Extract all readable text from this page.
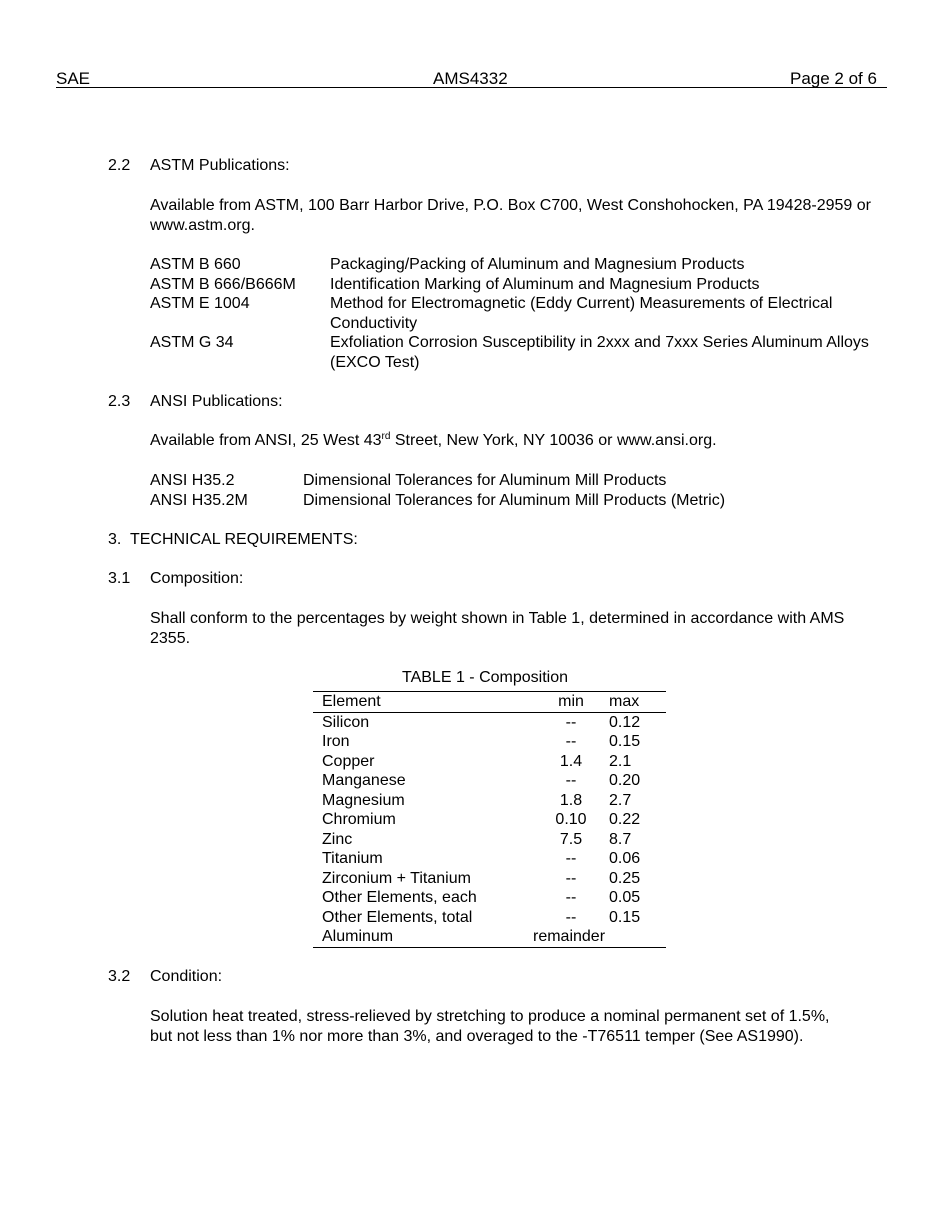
SAE	AMS4332	Page 2 of 6
2.2 ASTM Publications:
Available from ASTM, 100 Barr Harbor Drive, P.O. Box C700, West Conshohocken, PA 19428-2959 or www.astm.org.
ASTM B 660	Packaging/Packing of Aluminum and Magnesium Products
ASTM B 666/B666M	Identification Marking of Aluminum and Magnesium Products
ASTM E 1004	Method for Electromagnetic (Eddy Current) Measurements of Electrical Conductivity
ASTM G 34	Exfoliation Corrosion Susceptibility in 2xxx and 7xxx Series Aluminum Alloys (EXCO Test)
2.3 ANSI Publications:
Available from ANSI, 25 West 43rd Street, New York, NY 10036 or www.ansi.org.
ANSI H35.2	Dimensional Tolerances for Aluminum Mill Products
ANSI H35.2M	Dimensional Tolerances for Aluminum Mill Products (Metric)
3.  TECHNICAL REQUIREMENTS:
3.1 Composition:
Shall conform to the percentages by weight shown in Table 1, determined in accordance with AMS 2355.
TABLE 1 - Composition
Element	min	max
Silicon	--	0.12
Iron	--	0.15
Copper	1.4	2.1
Manganese	--	0.20
Magnesium	1.8	2.7
Chromium	0.10	0.22
Zinc	7.5	8.7
Titanium	--	0.06
Zirconium + Titanium	--	0.25
Other Elements, each	--	0.05
Other Elements, total	--	0.15
Aluminum	remainder	
3.2 Condition:
Solution heat treated, stress-relieved by stretching to produce a nominal permanent set of 1.5%, but not less than 1% nor more than 3%, and overaged to the -T76511 temper (See AS1990).
